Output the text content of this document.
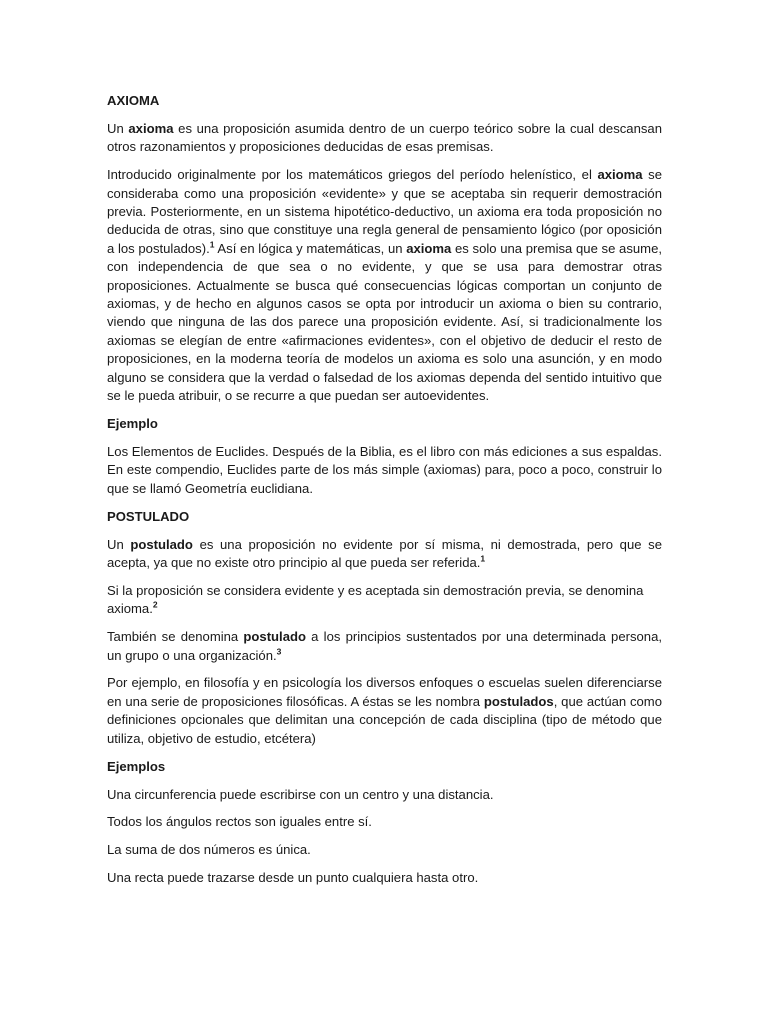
AXIOMA

Un axioma es una proposición asumida dentro de un cuerpo teórico sobre la cual descansan otros razonamientos y proposiciones deducidas de esas premisas.

Introducido originalmente por los matemáticos griegos del período helenístico, el axioma se consideraba como una proposición «evidente» y que se aceptaba sin requerir demostración previa. Posteriormente, en un sistema hipotético-deductivo, un axioma era toda proposición no deducida de otras, sino que constituye una regla general de pensamiento lógico (por oposición a los postulados).$^1$ Así en lógica y matemáticas, un axioma es solo una premisa que se asume, con independencia de que sea o no evidente, y que se usa para demostrar otras proposiciones. Actualmente se busca qué consecuencias lógicas comportan un conjunto de axiomas, y de hecho en algunos casos se opta por introducir un axioma o bien su contrario, viendo que ninguna de las dos parece una proposición evidente. Así, si tradicionalmente los axiomas se elegían de entre «afirmaciones evidentes», con el objetivo de deducir el resto de proposiciones, en la moderna teoría de modelos un axioma es solo una asunción, y en modo alguno se considera que la verdad o falsedad de los axiomas dependa del sentido intuitivo que se le pueda atribuir, o se recurre a que puedan ser autoevidentes.

Ejemplo

Los Elementos de Euclides. Después de la Biblia, es el libro con más ediciones a sus espaldas. En este compendio, Euclides parte de los más simple (axiomas) para, poco a poco, construir lo que se llamó Geometría euclidiana.

POSTULADO

Un postulado es una proposición no evidente por sí misma, ni demostrada, pero que se acepta, ya que no existe otro principio al que pueda ser referida.$^1$

Si la proposición se considera evidente y es aceptada sin demostración previa, se denomina axioma.$^2$

También se denomina postulado a los principios sustentados por una determinada persona, un grupo o una organización.$^3$

Por ejemplo, en filosofía y en psicología los diversos enfoques o escuelas suelen diferenciarse en una serie de proposiciones filosóficas. A éstas se les nombra postulados, que actúan como definiciones opcionales que delimitan una concepción de cada disciplina (tipo de método que utiliza, objetivo de estudio, etcétera)

Ejemplos

Una circunferencia puede escribirse con un centro y una distancia.

Todos los ángulos rectos son iguales entre sí.

La suma de dos números es única.

Una recta puede trazarse desde un punto cualquiera hasta otro.
